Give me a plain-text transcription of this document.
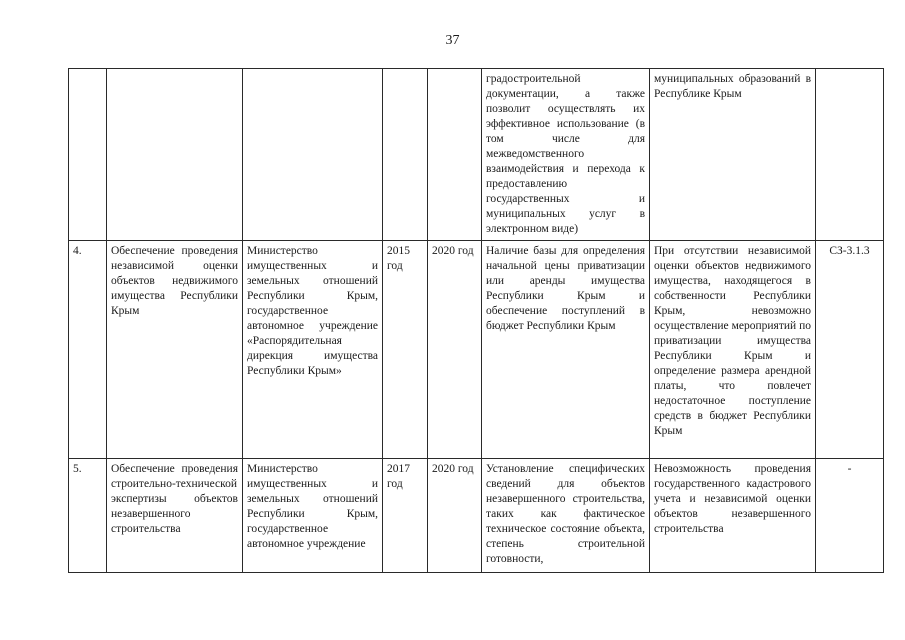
37
					градостроительной документации, а также позволит осуществлять их эффективное использование (в том числе для межведомственного взаимодействия и перехода к предоставлению государственных и муниципальных услуг в электронном виде)	муниципальных образований в Республике Крым	
4.	Обеспечение проведения независимой оценки объектов недвижимого имущества Республики Крым	Министерство имущественных и земельных отношений Республики Крым, государственное автономное учреждение «Распорядительная дирекция имущества Республики Крым»	2015 год	2020 год	Наличие базы для определения начальной цены приватизации или аренды имущества Республики Крым и обеспечение поступлений в бюджет Республики Крым	При отсутствии независимой оценки объектов недвижимого имущества, находящегося в собственности Республики Крым, невозможно осуществление мероприятий по приватизации имущества Республики Крым и определение размера арендной платы, что повлечет недостаточное поступление средств в бюджет Республики Крым	СЗ-3.1.3
5.	Обеспечение проведения строительно-технической экспертизы объектов незавершенного строительства	Министерство имущественных и земельных отношений Республики Крым, государственное автономное учреждение	2017 год	2020 год	Установление специфических сведений для объектов незавершенного строительства, таких как фактическое техническое состояние объекта, степень строительной готовности,	Невозможность проведения государственного кадастрового учета и независимой оценки объектов незавершенного строительства	-
